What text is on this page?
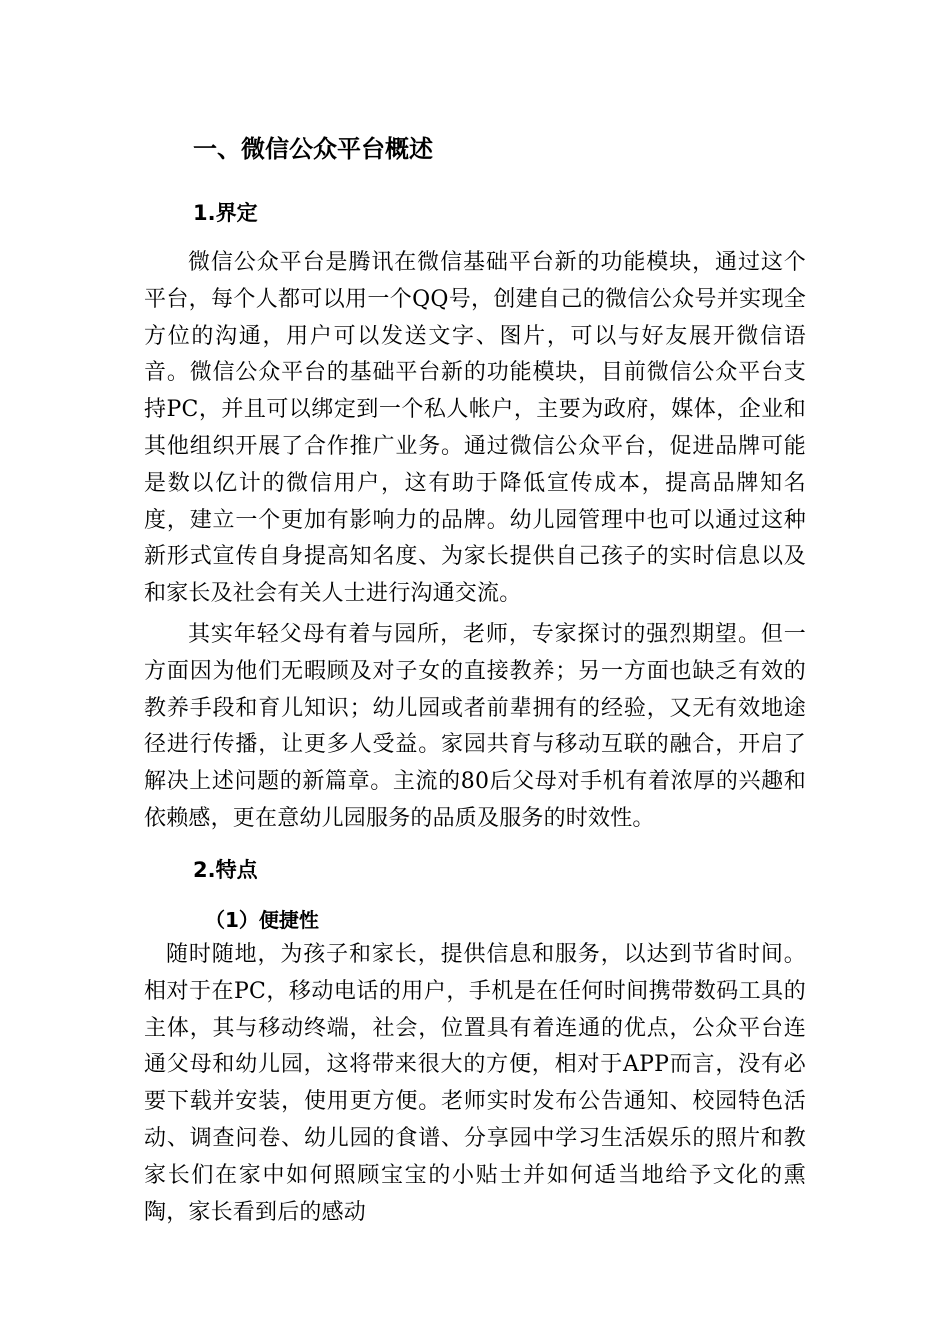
一、微信公众平台概述
1.界定

微信公众平台是腾讯在微信基础平台新的功能模块，通过这个平台，每个人都可以用一个QQ号，创建自己的微信公众号并实现全方位的沟通，用户可以发送文字、图片，可以与好友展开微信语音。微信公众平台的基础平台新的功能模块，目前微信公众平台支持PC，并且可以绑定到一个私人帐户，主要为政府，媒体，企业和其他组织开展了合作推广业务。通过微信公众平台，促进品牌可能是数以亿计的微信用户，这有助于降低宣传成本，提高品牌知名度，建立一个更加有影响力的品牌。幼儿园管理中也可以通过这种新形式宣传自身提高知名度、为家长提供自己孩子的实时信息以及和家长及社会有关人士进行沟通交流。

其实年轻父母有着与园所，老师，专家探讨的强烈期望。但一方面因为他们无暇顾及对子女的直接教养；另一方面也缺乏有效的教养手段和育儿知识；幼儿园或者前辈拥有的经验，又无有效地途径进行传播，让更多人受益。家园共育与移动互联的融合，开启了解决上述问题的新篇章。主流的80后父母对手机有着浓厚的兴趣和依赖感，更在意幼儿园服务的品质及服务的时效性。

2.特点
（1）便捷性

随时随地，为孩子和家长，提供信息和服务，以达到节省时间。相对于在PC，移动电话的用户，手机是在任何时间携带数码工具的主体，其与移动终端，社会，位置具有着连通的优点，公众平台连通父母和幼儿园，这将带来很大的方便，相对于APP而言，没有必要下载并安装，使用更方便。老师实时发布公告通知、校园特色活动、调查问卷、幼儿园的食谱、分享园中学习生活娱乐的照片和教家长们在家中如何照顾宝宝的小贴士并如何适当地给予文化的熏陶，家长看到后的感动
